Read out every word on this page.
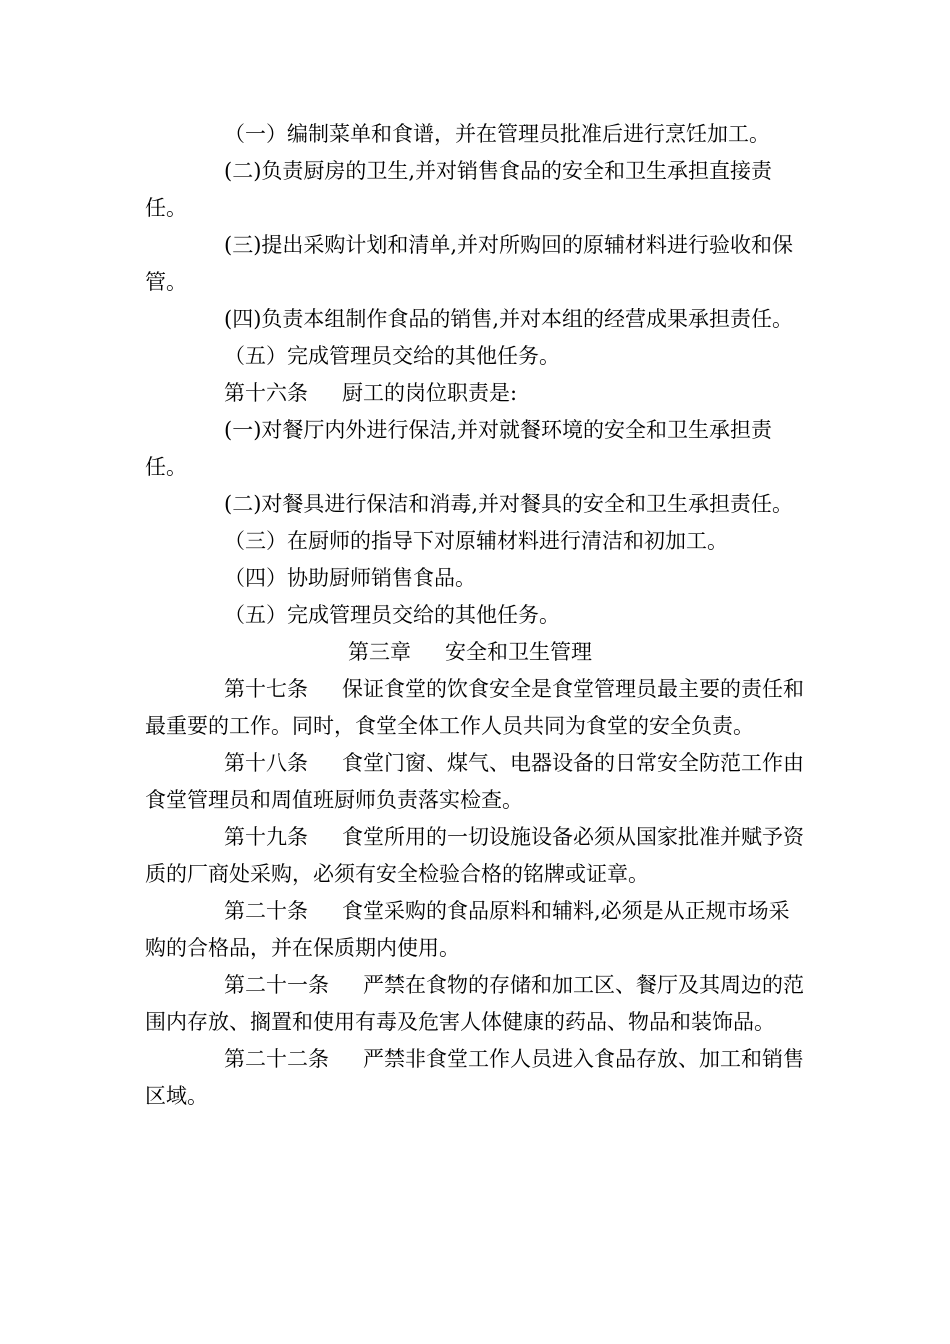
（一）编制菜单和食谱，并在管理员批准后进行烹饪加工。

(二)负责厨房的卫生,并对销售食品的安全和卫生承担直接责任。

(三)提出采购计划和清单,并对所购回的原辅材料进行验收和保管。

(四)负责本组制作食品的销售,并对本组的经营成果承担责任。

（五）完成管理员交给的其他任务。

第十六条 厨工的岗位职责是:

(一)对餐厅内外进行保洁,并对就餐环境的安全和卫生承担责任。

(二)对餐具进行保洁和消毒,并对餐具的安全和卫生承担责任。

（三）在厨师的指导下对原辅材料进行清洁和初加工。

（四）协助厨师销售食品。

（五）完成管理员交给的其他任务。

第三章 安全和卫生管理

第十七条 保证食堂的饮食安全是食堂管理员最主要的责任和最重要的工作。同时，食堂全体工作人员共同为食堂的安全负责。

第十八条 食堂门窗、煤气、电器设备的日常安全防范工作由食堂管理员和周值班厨师负责落实检查。

第十九条 食堂所用的一切设施设备必须从国家批准并赋予资质的厂商处采购，必须有安全检验合格的铭牌或证章。

第二十条 食堂采购的食品原料和辅料,必须是从正规市场采购的合格品，并在保质期内使用。

第二十一条 严禁在食物的存储和加工区、餐厅及其周边的范围内存放、搁置和使用有毒及危害人体健康的药品、物品和装饰品。

第二十二条 严禁非食堂工作人员进入食品存放、加工和销售区域。
